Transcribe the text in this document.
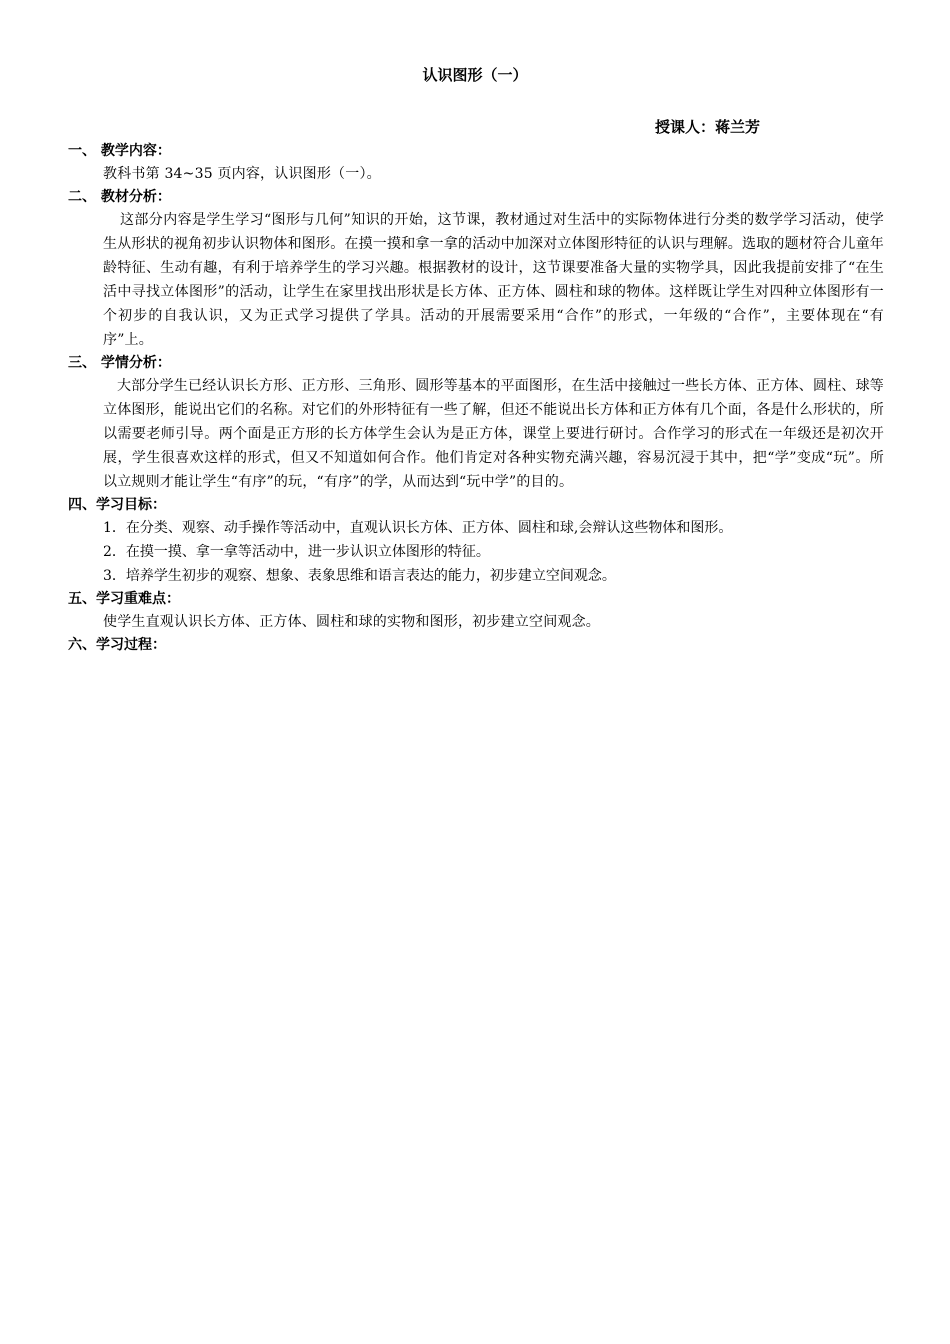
认识图形（一）
授课人：蒋兰芳
一、 教学内容：
教科书第 34~35 页内容，认识图形（一）。
二、 教材分析：
这部分内容是学生学习“图形与几何”知识的开始，这节课，教材通过对生活中的实际物体进行分类的数学学习活动，使学生从形状的视角初步认识物体和图形。在摸一摸和拿一拿的活动中加深对立体图形特征的认识与理解。选取的题材符合儿童年龄特征、生动有趣，有利于培养学生的学习兴趣。根据教材的设计，这节课要准备大量的实物学具，因此我提前安排了“在生活中寻找立体图形”的活动，让学生在家里找出形状是长方体、正方体、圆柱和球的物体。这样既让学生对四种立体图形有一个初步的自我认识，又为正式学习提供了学具。活动的开展需要采用“合作”的形式，一年级的“合作”，主要体现在“有序”上。
三、 学情分析：
大部分学生已经认识长方形、正方形、三角形、圆形等基本的平面图形，在生活中接触过一些长方体、正方体、圆柱、球等立体图形，能说出它们的名称。对它们的外形特征有一些了解，但还不能说出长方体和正方体有几个面，各是什么形状的，所以需要老师引导。两个面是正方形的长方体学生会认为是正方体，课堂上要进行研讨。合作学习的形式在一年级还是初次开展，学生很喜欢这样的形式，但又不知道如何合作。他们肯定对各种实物充满兴趣，容易沉浸于其中，把“学”变成“玩”。所以立规则才能让学生“有序”的玩，“有序”的学，从而达到“玩中学”的目的。
四、学习目标：
1．在分类、观察、动手操作等活动中，直观认识长方体、正方体、圆柱和球,会辩认这些物体和图形。
2．在摸一摸、拿一拿等活动中，进一步认识立体图形的特征。
3．培养学生初步的观察、想象、表象思维和语言表达的能力，初步建立空间观念。
五、学习重难点：
使学生直观认识长方体、正方体、圆柱和球的实物和图形，初步建立空间观念。
六、学习过程：
